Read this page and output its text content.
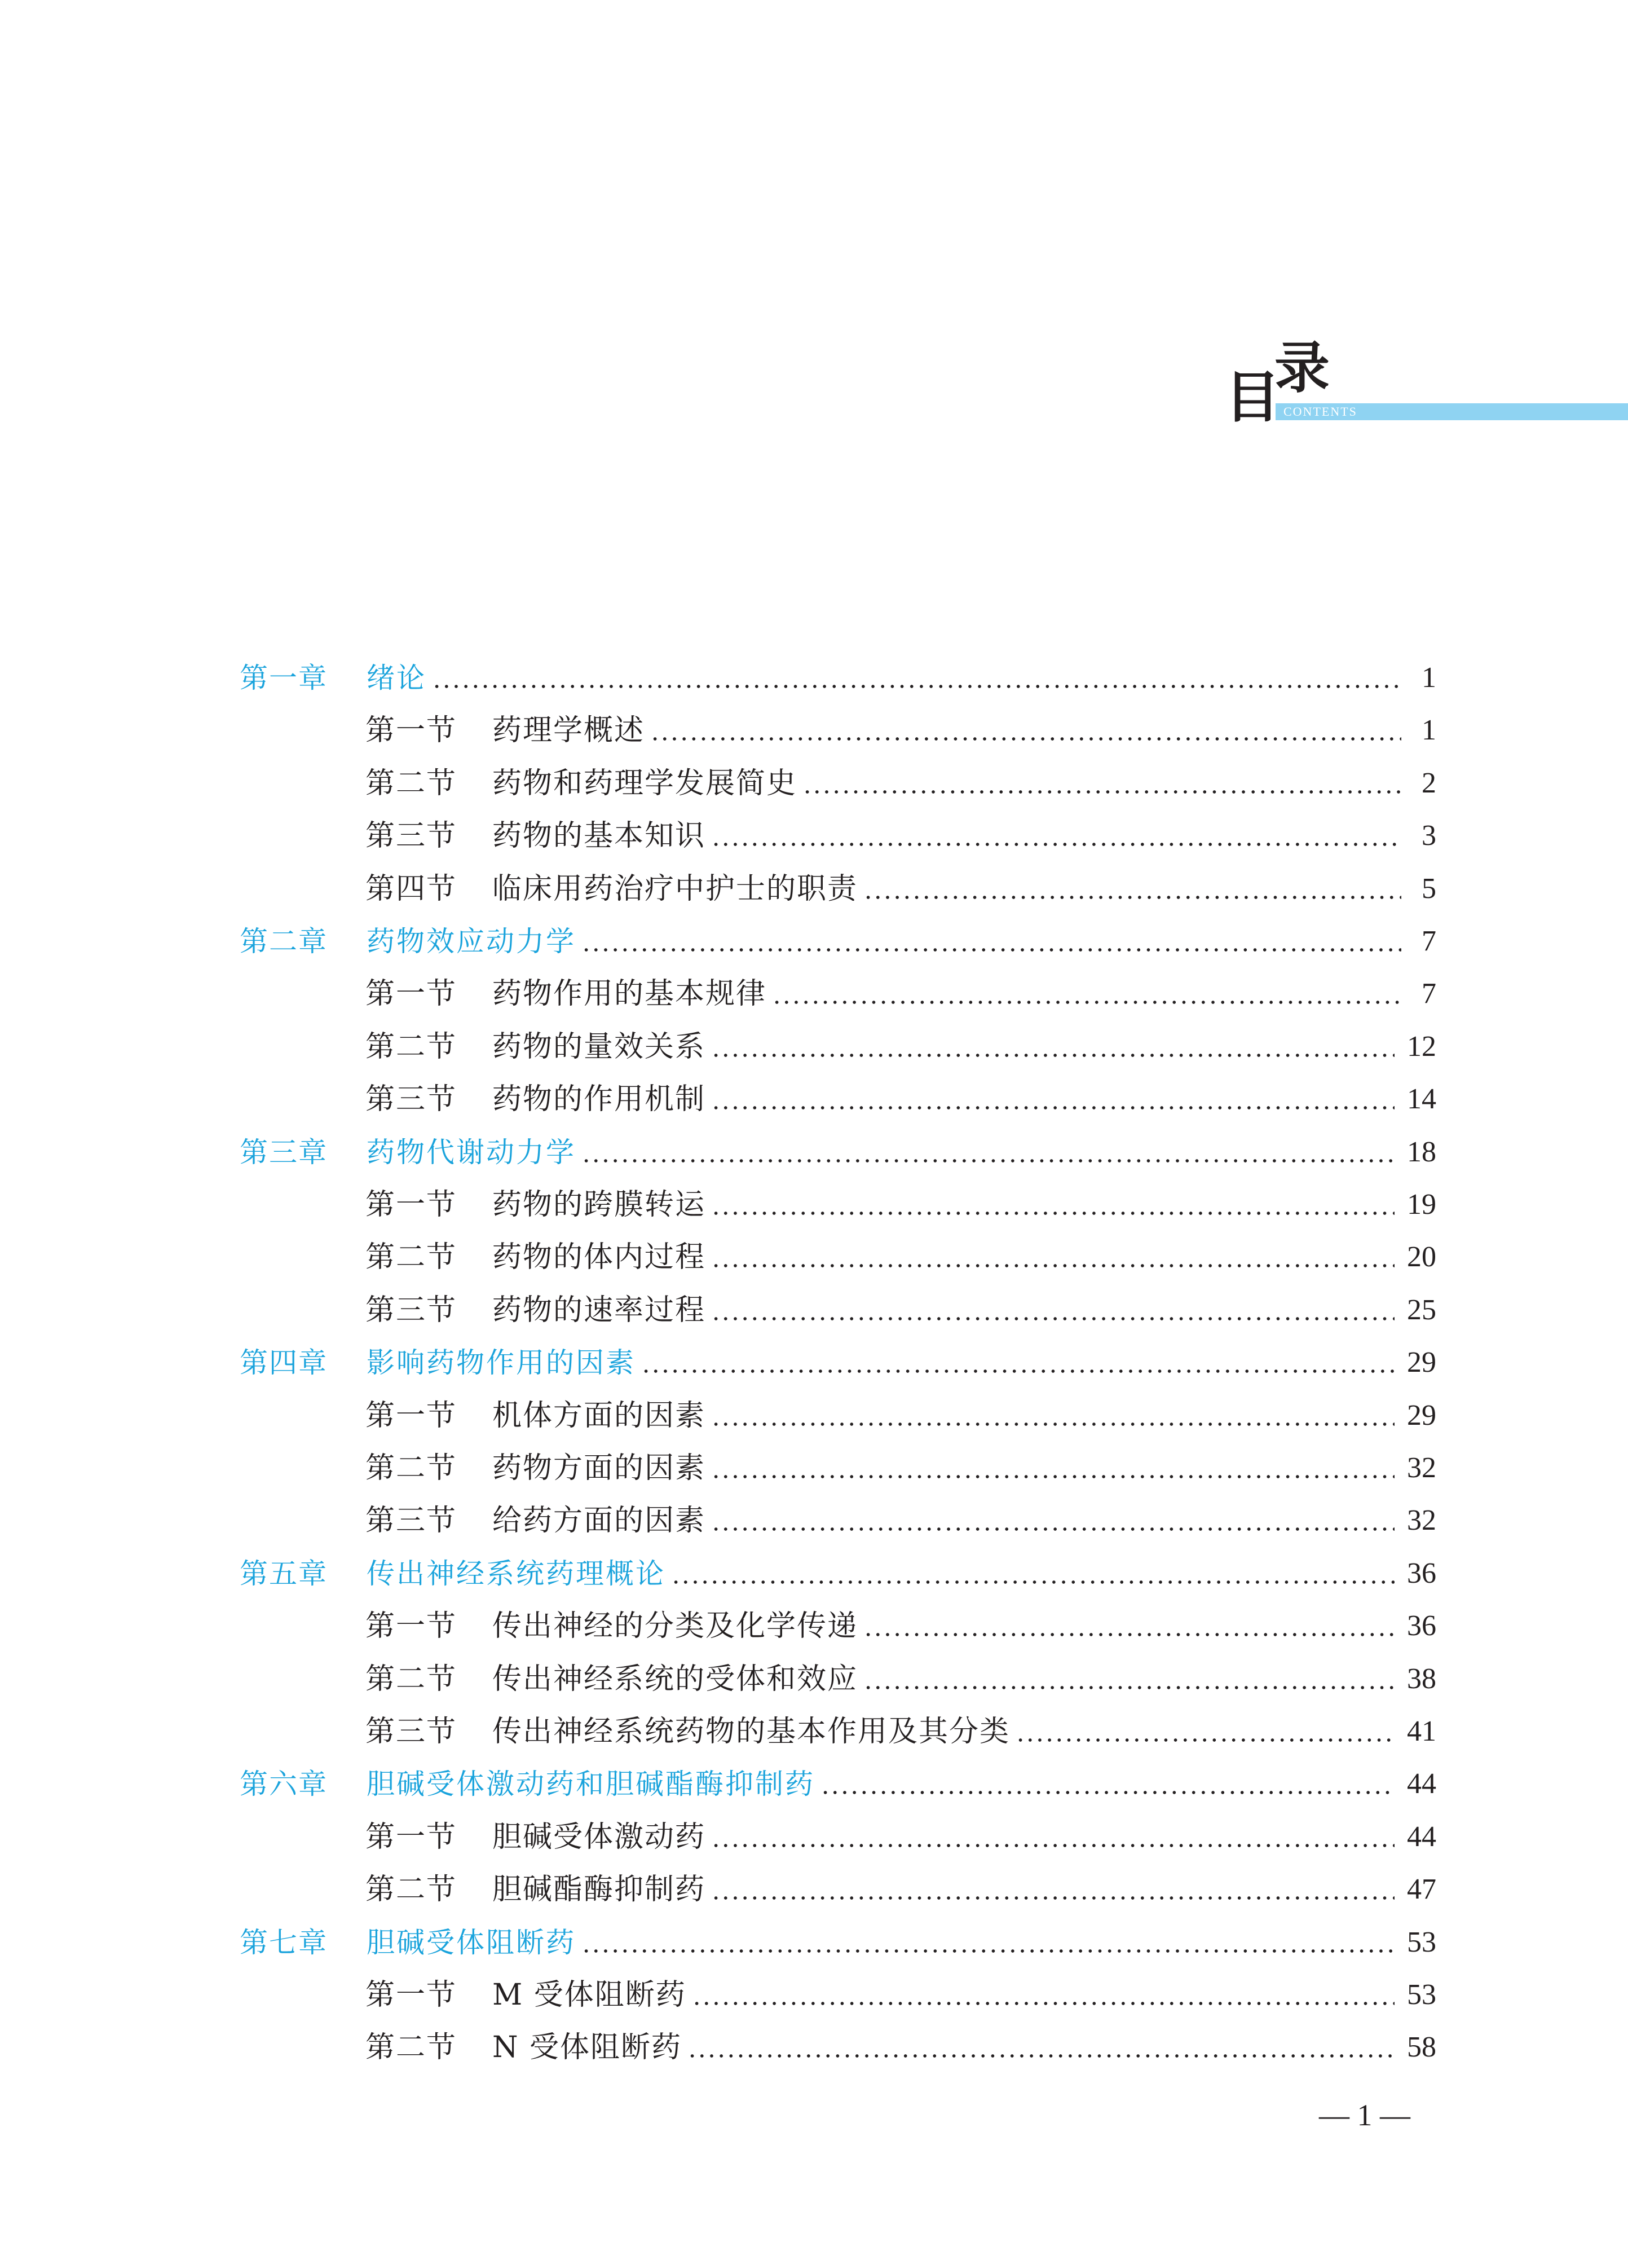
CONTENTS
目
录
第一章	绪论	1
第一节	药理学概述	1
第二节	药物和药理学发展简史	2
第三节	药物的基本知识	3
第四节	临床用药治疗中护士的职责	5
第二章	药物效应动力学	7
第一节	药物作用的基本规律	7
第二节	药物的量效关系	12
第三节	药物的作用机制	14
第三章	药物代谢动力学	18
第一节	药物的跨膜转运	19
第二节	药物的体内过程	20
第三节	药物的速率过程	25
第四章	影响药物作用的因素	29
第一节	机体方面的因素	29
第二节	药物方面的因素	32
第三节	给药方面的因素	32
第五章	传出神经系统药理概论	36
第一节	传出神经的分类及化学传递	36
第二节	传出神经系统的受体和效应	38
第三节	传出神经系统药物的基本作用及其分类	41
第六章	胆碱受体激动药和胆碱酯酶抑制药	44
第一节	胆碱受体激动药	44
第二节	胆碱酯酶抑制药	47
第七章	胆碱受体阻断药	53
第一节	M 受体阻断药	53
第二节	N 受体阻断药	58
— 1 —
